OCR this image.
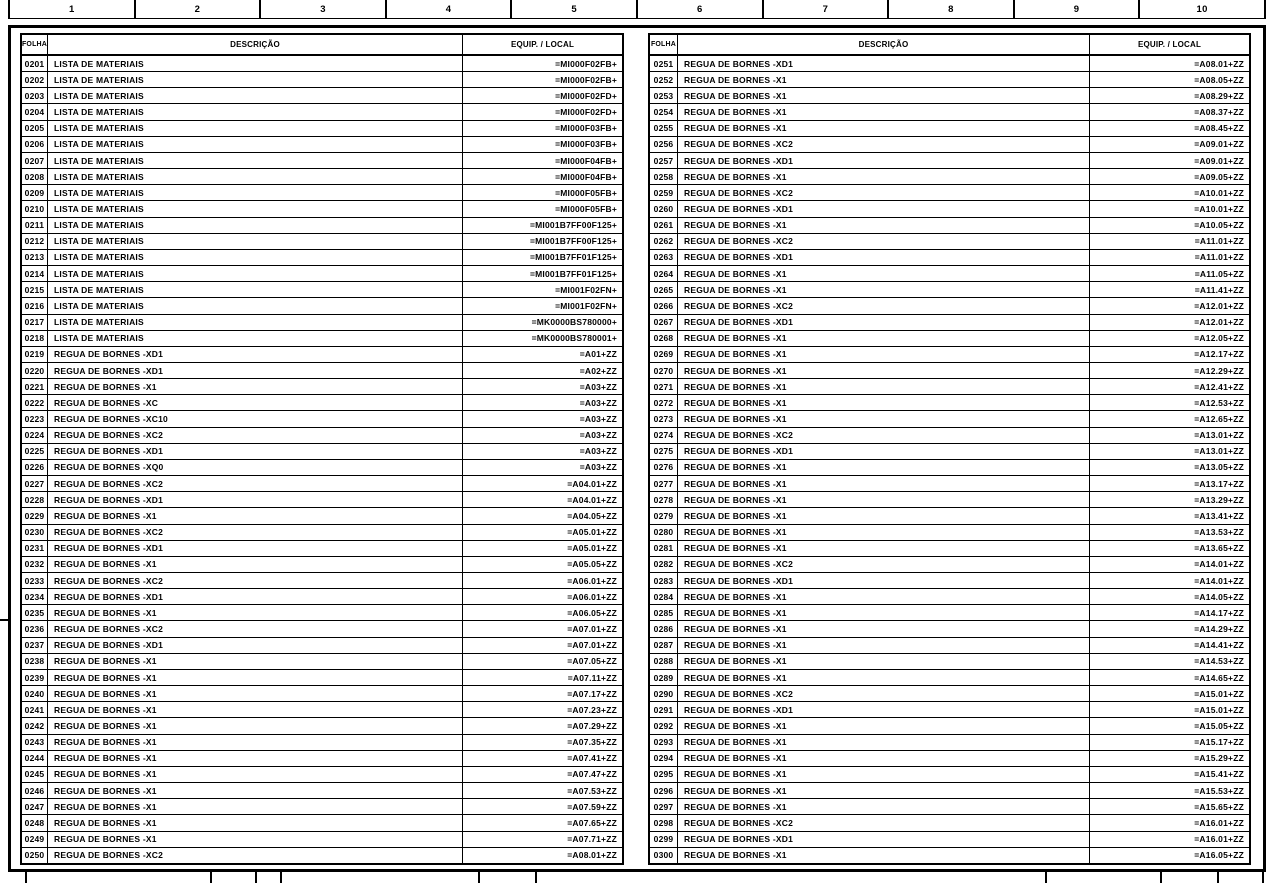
1	2	3	4	5	6	7	8	9	10
FOLHA	DESCRIÇÃO	EQUIP. / LOCAL
0201	LISTA DE MATERIAIS	=MI000F02FB+
0202	LISTA DE MATERIAIS	=MI000F02FB+
0203	LISTA DE MATERIAIS	=MI000F02FD+
0204	LISTA DE MATERIAIS	=MI000F02FD+
0205	LISTA DE MATERIAIS	=MI000F03FB+
0206	LISTA DE MATERIAIS	=MI000F03FB+
0207	LISTA DE MATERIAIS	=MI000F04FB+
0208	LISTA DE MATERIAIS	=MI000F04FB+
0209	LISTA DE MATERIAIS	=MI000F05FB+
0210	LISTA DE MATERIAIS	=MI000F05FB+
0211	LISTA DE MATERIAIS	=MI001B7FF00F125+
0212	LISTA DE MATERIAIS	=MI001B7FF00F125+
0213	LISTA DE MATERIAIS	=MI001B7FF01F125+
0214	LISTA DE MATERIAIS	=MI001B7FF01F125+
0215	LISTA DE MATERIAIS	=MI001F02FN+
0216	LISTA DE MATERIAIS	=MI001F02FN+
0217	LISTA DE MATERIAIS	=MK0000BS780000+
0218	LISTA DE MATERIAIS	=MK0000BS780001+
0219	REGUA DE BORNES -XD1	=A01+ZZ
0220	REGUA DE BORNES -XD1	=A02+ZZ
0221	REGUA DE BORNES -X1	=A03+ZZ
0222	REGUA DE BORNES -XC	=A03+ZZ
0223	REGUA DE BORNES -XC10	=A03+ZZ
0224	REGUA DE BORNES -XC2	=A03+ZZ
0225	REGUA DE BORNES -XD1	=A03+ZZ
0226	REGUA DE BORNES -XQ0	=A03+ZZ
0227	REGUA DE BORNES -XC2	=A04.01+ZZ
0228	REGUA DE BORNES -XD1	=A04.01+ZZ
0229	REGUA DE BORNES -X1	=A04.05+ZZ
0230	REGUA DE BORNES -XC2	=A05.01+ZZ
0231	REGUA DE BORNES -XD1	=A05.01+ZZ
0232	REGUA DE BORNES -X1	=A05.05+ZZ
0233	REGUA DE BORNES -XC2	=A06.01+ZZ
0234	REGUA DE BORNES -XD1	=A06.01+ZZ
0235	REGUA DE BORNES -X1	=A06.05+ZZ
0236	REGUA DE BORNES -XC2	=A07.01+ZZ
0237	REGUA DE BORNES -XD1	=A07.01+ZZ
0238	REGUA DE BORNES -X1	=A07.05+ZZ
0239	REGUA DE BORNES -X1	=A07.11+ZZ
0240	REGUA DE BORNES -X1	=A07.17+ZZ
0241	REGUA DE BORNES -X1	=A07.23+ZZ
0242	REGUA DE BORNES -X1	=A07.29+ZZ
0243	REGUA DE BORNES -X1	=A07.35+ZZ
0244	REGUA DE BORNES -X1	=A07.41+ZZ
0245	REGUA DE BORNES -X1	=A07.47+ZZ
0246	REGUA DE BORNES -X1	=A07.53+ZZ
0247	REGUA DE BORNES -X1	=A07.59+ZZ
0248	REGUA DE BORNES -X1	=A07.65+ZZ
0249	REGUA DE BORNES -X1	=A07.71+ZZ
0250	REGUA DE BORNES -XC2	=A08.01+ZZ
FOLHA	DESCRIÇÃO	EQUIP. / LOCAL
0251	REGUA DE BORNES -XD1	=A08.01+ZZ
0252	REGUA DE BORNES -X1	=A08.05+ZZ
0253	REGUA DE BORNES -X1	=A08.29+ZZ
0254	REGUA DE BORNES -X1	=A08.37+ZZ
0255	REGUA DE BORNES -X1	=A08.45+ZZ
0256	REGUA DE BORNES -XC2	=A09.01+ZZ
0257	REGUA DE BORNES -XD1	=A09.01+ZZ
0258	REGUA DE BORNES -X1	=A09.05+ZZ
0259	REGUA DE BORNES -XC2	=A10.01+ZZ
0260	REGUA DE BORNES -XD1	=A10.01+ZZ
0261	REGUA DE BORNES -X1	=A10.05+ZZ
0262	REGUA DE BORNES -XC2	=A11.01+ZZ
0263	REGUA DE BORNES -XD1	=A11.01+ZZ
0264	REGUA DE BORNES -X1	=A11.05+ZZ
0265	REGUA DE BORNES -X1	=A11.41+ZZ
0266	REGUA DE BORNES -XC2	=A12.01+ZZ
0267	REGUA DE BORNES -XD1	=A12.01+ZZ
0268	REGUA DE BORNES -X1	=A12.05+ZZ
0269	REGUA DE BORNES -X1	=A12.17+ZZ
0270	REGUA DE BORNES -X1	=A12.29+ZZ
0271	REGUA DE BORNES -X1	=A12.41+ZZ
0272	REGUA DE BORNES -X1	=A12.53+ZZ
0273	REGUA DE BORNES -X1	=A12.65+ZZ
0274	REGUA DE BORNES -XC2	=A13.01+ZZ
0275	REGUA DE BORNES -XD1	=A13.01+ZZ
0276	REGUA DE BORNES -X1	=A13.05+ZZ
0277	REGUA DE BORNES -X1	=A13.17+ZZ
0278	REGUA DE BORNES -X1	=A13.29+ZZ
0279	REGUA DE BORNES -X1	=A13.41+ZZ
0280	REGUA DE BORNES -X1	=A13.53+ZZ
0281	REGUA DE BORNES -X1	=A13.65+ZZ
0282	REGUA DE BORNES -XC2	=A14.01+ZZ
0283	REGUA DE BORNES -XD1	=A14.01+ZZ
0284	REGUA DE BORNES -X1	=A14.05+ZZ
0285	REGUA DE BORNES -X1	=A14.17+ZZ
0286	REGUA DE BORNES -X1	=A14.29+ZZ
0287	REGUA DE BORNES -X1	=A14.41+ZZ
0288	REGUA DE BORNES -X1	=A14.53+ZZ
0289	REGUA DE BORNES -X1	=A14.65+ZZ
0290	REGUA DE BORNES -XC2	=A15.01+ZZ
0291	REGUA DE BORNES -XD1	=A15.01+ZZ
0292	REGUA DE BORNES -X1	=A15.05+ZZ
0293	REGUA DE BORNES -X1	=A15.17+ZZ
0294	REGUA DE BORNES -X1	=A15.29+ZZ
0295	REGUA DE BORNES -X1	=A15.41+ZZ
0296	REGUA DE BORNES -X1	=A15.53+ZZ
0297	REGUA DE BORNES -X1	=A15.65+ZZ
0298	REGUA DE BORNES -XC2	=A16.01+ZZ
0299	REGUA DE BORNES -XD1	=A16.01+ZZ
0300	REGUA DE BORNES -X1	=A16.05+ZZ
